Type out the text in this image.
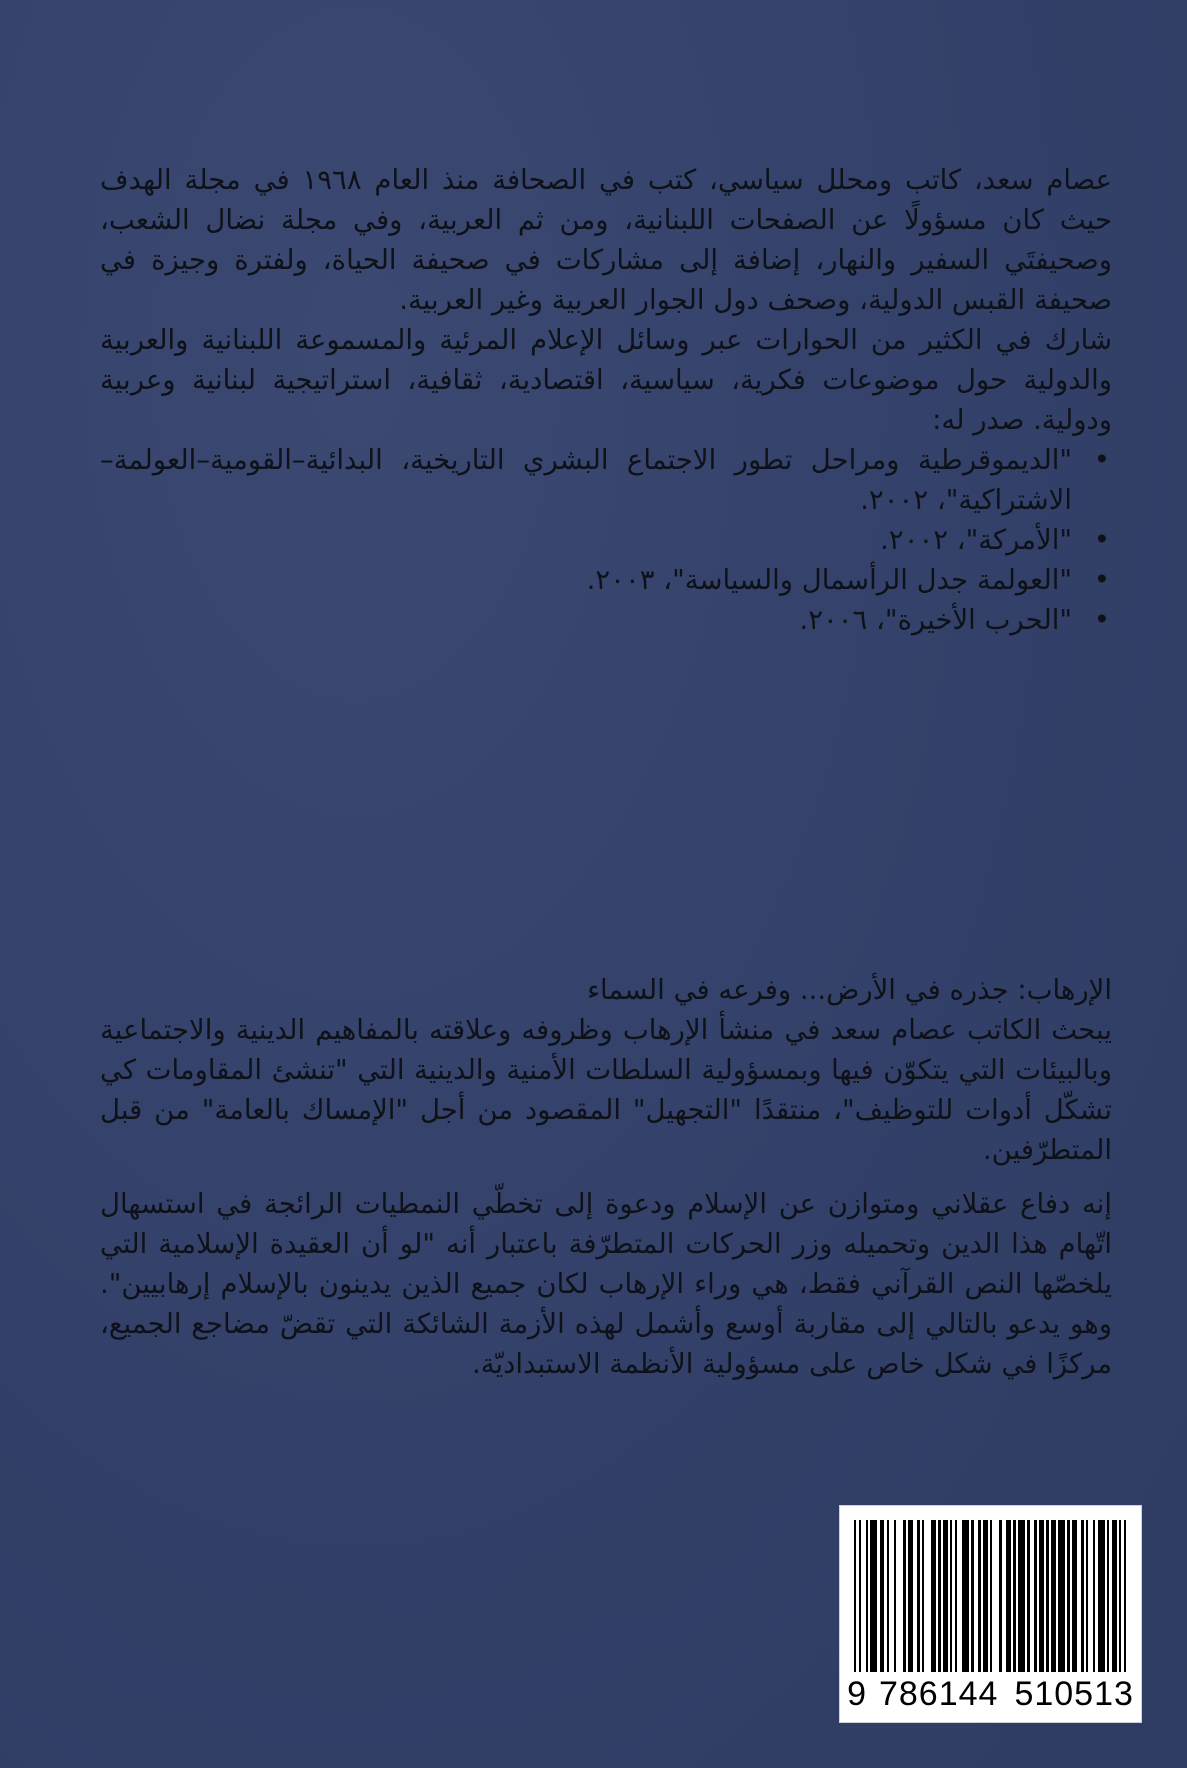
عصام سعد، كاتب ومحلل سياسي، كتب في الصحافة منذ العام ١٩٦٨ في مجلة الهدف حيث كان مسؤولًا عن الصفحات اللبنانية، ومن ثم العربية، وفي مجلة نضال الشعب، وصحيفتَي السفير والنهار، إضافة إلى مشاركات في صحيفة الحياة، ولفترة وجيزة في صحيفة القبس الدولية، وصحف دول الجوار العربية وغير العربية.

شارك في الكثير من الحوارات عبر وسائل الإعلام المرئية والمسموعة اللبنانية والعربية والدولية حول موضوعات فكرية، سياسية، اقتصادية، ثقافية، استراتيجية لبنانية وعربية ودولية. صدر له:

• "الديموقرطية ومراحل تطور الاجتماع البشري التاريخية، البدائية–القومية–العولمة–الاشتراكية"، ٢٠٠٢.
• "الأمركة"، ٢٠٠٢.
• "العولمة جدل الرأسمال والسياسة"، ٢٠٠٣.
• "الحرب الأخيرة"، ٢٠٠٦.

الإرهاب: جذره في الأرض... وفرعه في السماء

يبحث الكاتب عصام سعد في منشأ الإرهاب وظروفه وعلاقته بالمفاهيم الدينية والاجتماعية وبالبيئات التي يتكوّن فيها وبمسؤولية السلطات الأمنية والدينية التي "تنشئ المقاومات كي تشكّل أدوات للتوظيف"، منتقدًا "التجهيل" المقصود من أجل "الإمساك بالعامة" من قبل المتطرّفين.

إنه دفاع عقلاني ومتوازن عن الإسلام ودعوة إلى تخطّي النمطيات الرائجة في استسهال اتّهام هذا الدين وتحميله وزر الحركات المتطرّفة باعتبار أنه "لو أن العقيدة الإسلامية التي يلخصّها النص القرآني فقط، هي وراء الإرهاب لكان جميع الذين يدينون بالإسلام إرهابيين". وهو يدعو بالتالي إلى مقاربة أوسع وأشمل لهذه الأزمة الشائكة التي تقضّ مضاجع الجميع، مركزًا في شكل خاص على مسؤولية الأنظمة الاستبداديّة.

9 786144 510513
